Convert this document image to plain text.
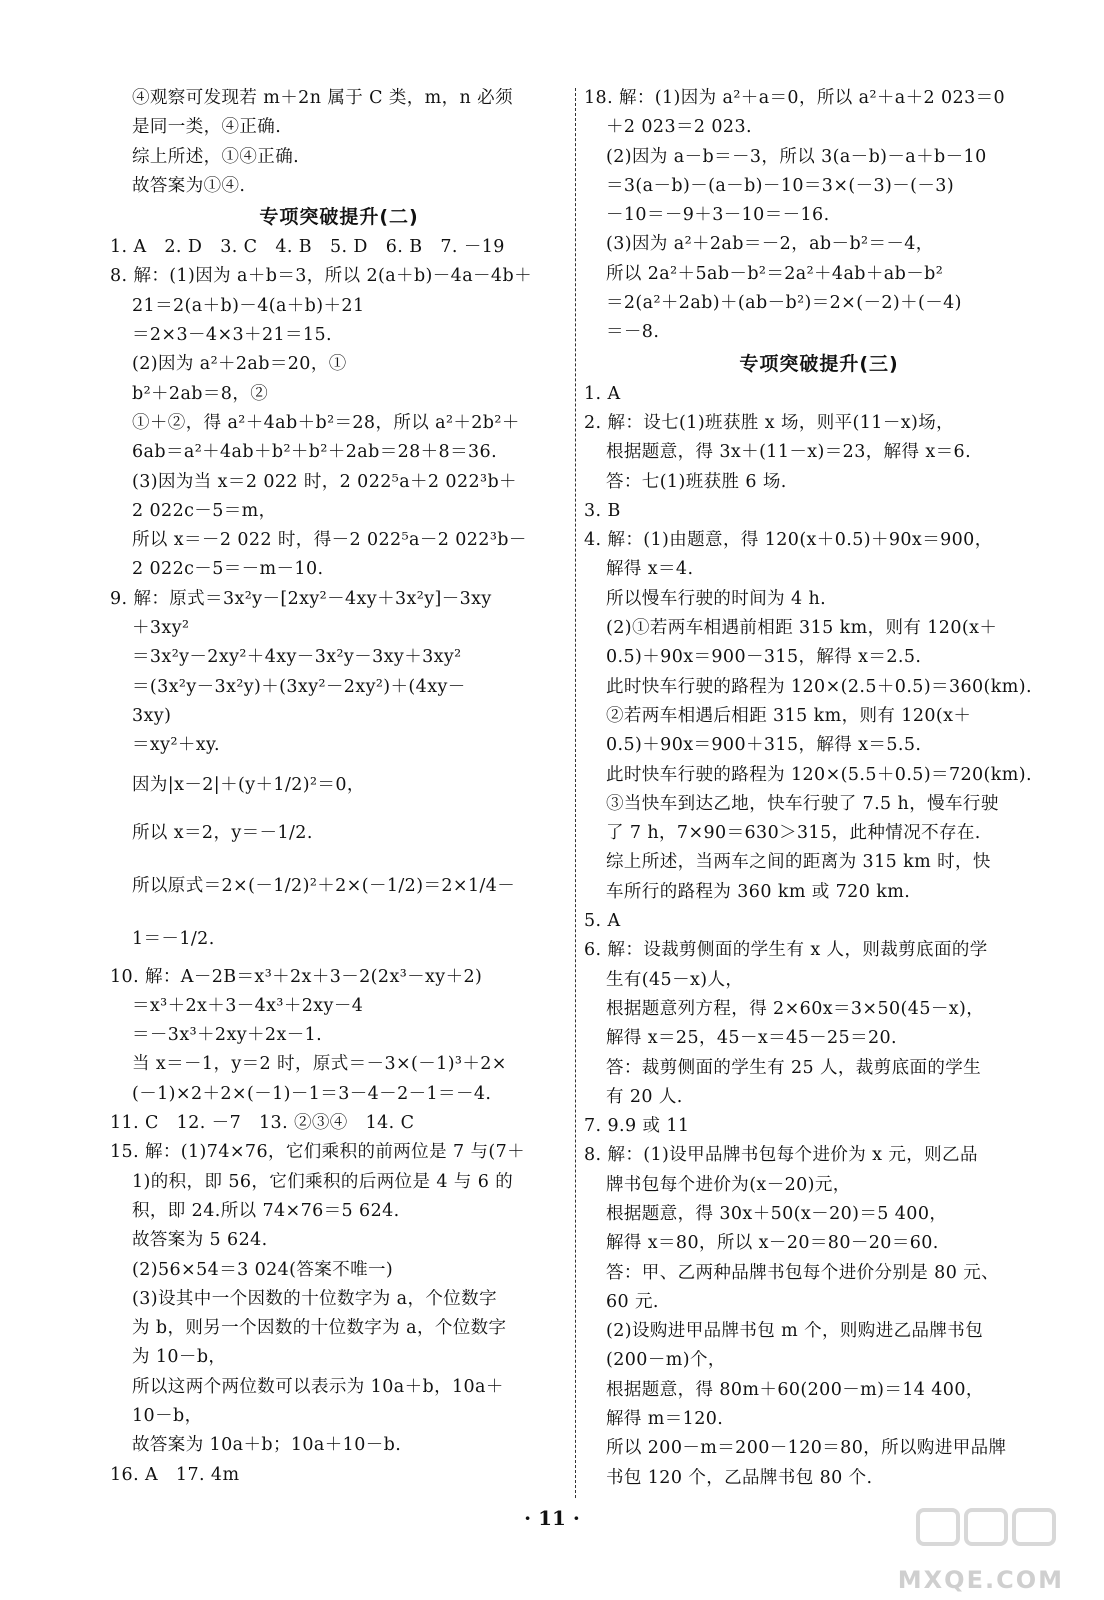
④观察可发现若 m＋2n 属于 C 类，m，n 必须
是同一类，④正确.
综上所述，①④正确.
故答案为①④.
专项突破提升(二)
1. A　2. D　3. C　4. B　5. D　6. B　7. －19
8. 解：(1)因为 a＋b＝3，所以 2(a＋b)－4a－4b＋
21＝2(a＋b)－4(a＋b)＋21
＝2×3－4×3＋21＝15.
(2)因为 a²＋2ab＝20，①
b²＋2ab＝8，②
①＋②，得 a²＋4ab＋b²＝28，所以 a²＋2b²＋
6ab＝a²＋4ab＋b²＋b²＋2ab＝28＋8＝36.
(3)因为当 x＝2 022 时，2 022⁵a＋2 022³b＋
2 022c－5＝m，
所以 x＝－2 022 时，得－2 022⁵a－2 022³b－
2 022c－5＝－m－10.
9. 解：原式＝3x²y－[2xy²－4xy＋3x²y]－3xy
＋3xy²
＝3x²y－2xy²＋4xy－3x²y－3xy＋3xy²
＝(3x²y－3x²y)＋(3xy²－2xy²)＋(4xy－
3xy)
＝xy²＋xy.
因为|x－2|＋(y＋1/2)²＝0，
所以 x＝2，y＝－1/2.
所以原式＝2×(－1/2)²＋2×(－1/2)＝2×1/4－
1＝－1/2.
10. 解：A－2B＝x³＋2x＋3－2(2x³－xy＋2)
＝x³＋2x＋3－4x³＋2xy－4
＝－3x³＋2xy＋2x－1.
当 x＝－1，y＝2 时，原式＝－3×(－1)³＋2×
(－1)×2＋2×(－1)－1＝3－4－2－1＝－4.
11. C　12. －7　13. ②③④　14. C
15. 解：(1)74×76，它们乘积的前两位是 7 与(7＋
1)的积，即 56，它们乘积的后两位是 4 与 6 的
积，即 24.所以 74×76＝5 624.
故答案为 5 624.
(2)56×54＝3 024(答案不唯一)
(3)设其中一个因数的十位数字为 a，个位数字
为 b，则另一个因数的十位数字为 a，个位数字
为 10－b，
所以这两个两位数可以表示为 10a＋b，10a＋
10－b，
故答案为 10a＋b；10a＋10－b.
16. A　17. 4m
18. 解：(1)因为 a²＋a＝0，所以 a²＋a＋2 023＝0
＋2 023＝2 023.
(2)因为 a－b＝－3，所以 3(a－b)－a＋b－10
＝3(a－b)－(a－b)－10＝3×(－3)－(－3)
－10＝－9＋3－10＝－16.
(3)因为 a²＋2ab＝－2，ab－b²＝－4，
所以 2a²＋5ab－b²＝2a²＋4ab＋ab－b²
＝2(a²＋2ab)＋(ab－b²)＝2×(－2)＋(－4)
＝－8.
专项突破提升(三)
1. A
2. 解：设七(1)班获胜 x 场，则平(11－x)场，
根据题意，得 3x＋(11－x)＝23，解得 x＝6.
答：七(1)班获胜 6 场.
3. B
4. 解：(1)由题意，得 120(x＋0.5)＋90x＝900，
解得 x＝4.
所以慢车行驶的时间为 4 h.
(2)①若两车相遇前相距 315 km，则有 120(x＋
0.5)＋90x＝900－315，解得 x＝2.5.
此时快车行驶的路程为 120×(2.5＋0.5)＝360(km).
②若两车相遇后相距 315 km，则有 120(x＋
0.5)＋90x＝900＋315，解得 x＝5.5.
此时快车行驶的路程为 120×(5.5＋0.5)＝720(km).
③当快车到达乙地，快车行驶了 7.5 h，慢车行驶
了 7 h，7×90＝630＞315，此种情况不存在.
综上所述，当两车之间的距离为 315 km 时，快
车所行的路程为 360 km 或 720 km.
5. A
6. 解：设裁剪侧面的学生有 x 人，则裁剪底面的学
生有(45－x)人，
根据题意列方程，得 2×60x＝3×50(45－x)，
解得 x＝25，45－x＝45－25＝20.
答：裁剪侧面的学生有 25 人，裁剪底面的学生
有 20 人.
7. 9.9 或 11
8. 解：(1)设甲品牌书包每个进价为 x 元，则乙品
牌书包每个进价为(x－20)元，
根据题意，得 30x＋50(x－20)＝5 400，
解得 x＝80，所以 x－20＝80－20＝60.
答：甲、乙两种品牌书包每个进价分别是 80 元、
60 元.
(2)设购进甲品牌书包 m 个，则购进乙品牌书包
(200－m)个，
根据题意，得 80m＋60(200－m)＝14 400，
解得 m＝120.
所以 200－m＝200－120＝80，所以购进甲品牌
书包 120 个，乙品牌书包 80 个.
· 11 ·
MXQE.COM
